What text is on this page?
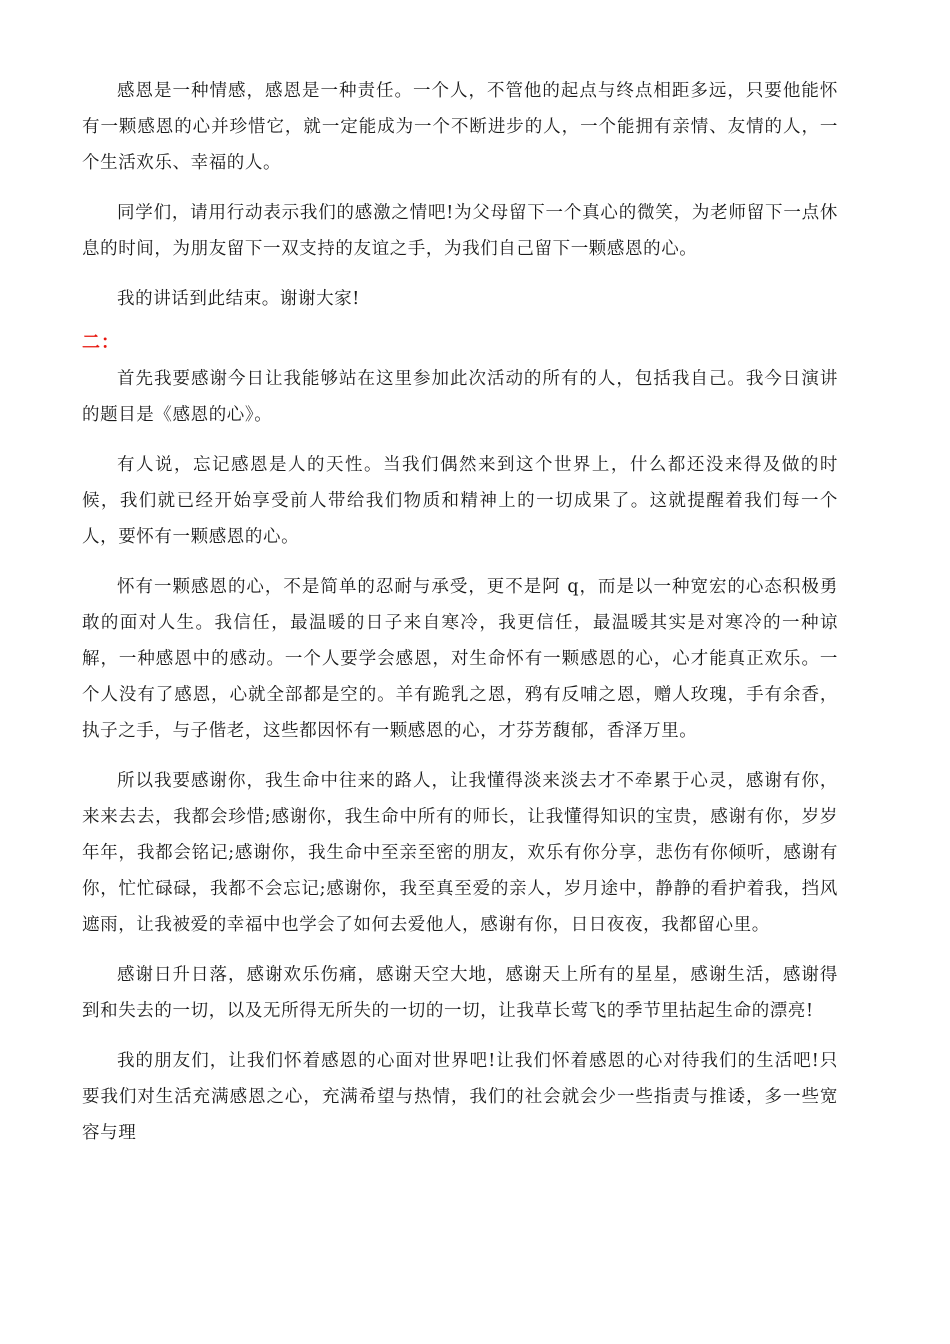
感恩是一种情感，感恩是一种责任。一个人，不管他的起点与终点相距多远，只要他能怀有一颗感恩的心并珍惜它，就一定能成为一个不断进步的人，一个能拥有亲情、友情的人，一个生活欢乐、幸福的人。

同学们，请用行动表示我们的感激之情吧!为父母留下一个真心的微笑，为老师留下一点休息的时间，为朋友留下一双支持的友谊之手，为我们自己留下一颗感恩的心。

我的讲话到此结束。谢谢大家!

二：

首先我要感谢今日让我能够站在这里参加此次活动的所有的人，包括我自己。我今日演讲的题目是《感恩的心》。

有人说，忘记感恩是人的天性。当我们偶然来到这个世界上，什么都还没来得及做的时候，我们就已经开始享受前人带给我们物质和精神上的一切成果了。这就提醒着我们每一个人，要怀有一颗感恩的心。

怀有一颗感恩的心，不是简单的忍耐与承受，更不是阿 q，而是以一种宽宏的心态积极勇敢的面对人生。我信任，最温暖的日子来自寒冷，我更信任，最温暖其实是对寒冷的一种谅解，一种感恩中的感动。一个人要学会感恩，对生命怀有一颗感恩的心，心才能真正欢乐。一个人没有了感恩，心就全部都是空的。羊有跪乳之恩，鸦有反哺之恩，赠人玫瑰，手有余香，执子之手，与子偕老，这些都因怀有一颗感恩的心，才芬芳馥郁，香泽万里。

所以我要感谢你，我生命中往来的路人，让我懂得淡来淡去才不牵累于心灵，感谢有你，来来去去，我都会珍惜;感谢你，我生命中所有的师长，让我懂得知识的宝贵，感谢有你，岁岁年年，我都会铭记;感谢你，我生命中至亲至密的朋友，欢乐有你分享，悲伤有你倾听，感谢有你，忙忙碌碌，我都不会忘记;感谢你，我至真至爱的亲人，岁月途中，静静的看护着我，挡风遮雨，让我被爱的幸福中也学会了如何去爱他人，感谢有你，日日夜夜，我都留心里。

感谢日升日落，感谢欢乐伤痛，感谢天空大地，感谢天上所有的星星，感谢生活，感谢得到和失去的一切，以及无所得无所失的一切的一切，让我草长莺飞的季节里拈起生命的漂亮!

我的朋友们，让我们怀着感恩的心面对世界吧!让我们怀着感恩的心对待我们的生活吧!只要我们对生活充满感恩之心，充满希望与热情，我们的社会就会少一些指责与推诿，多一些宽容与理
